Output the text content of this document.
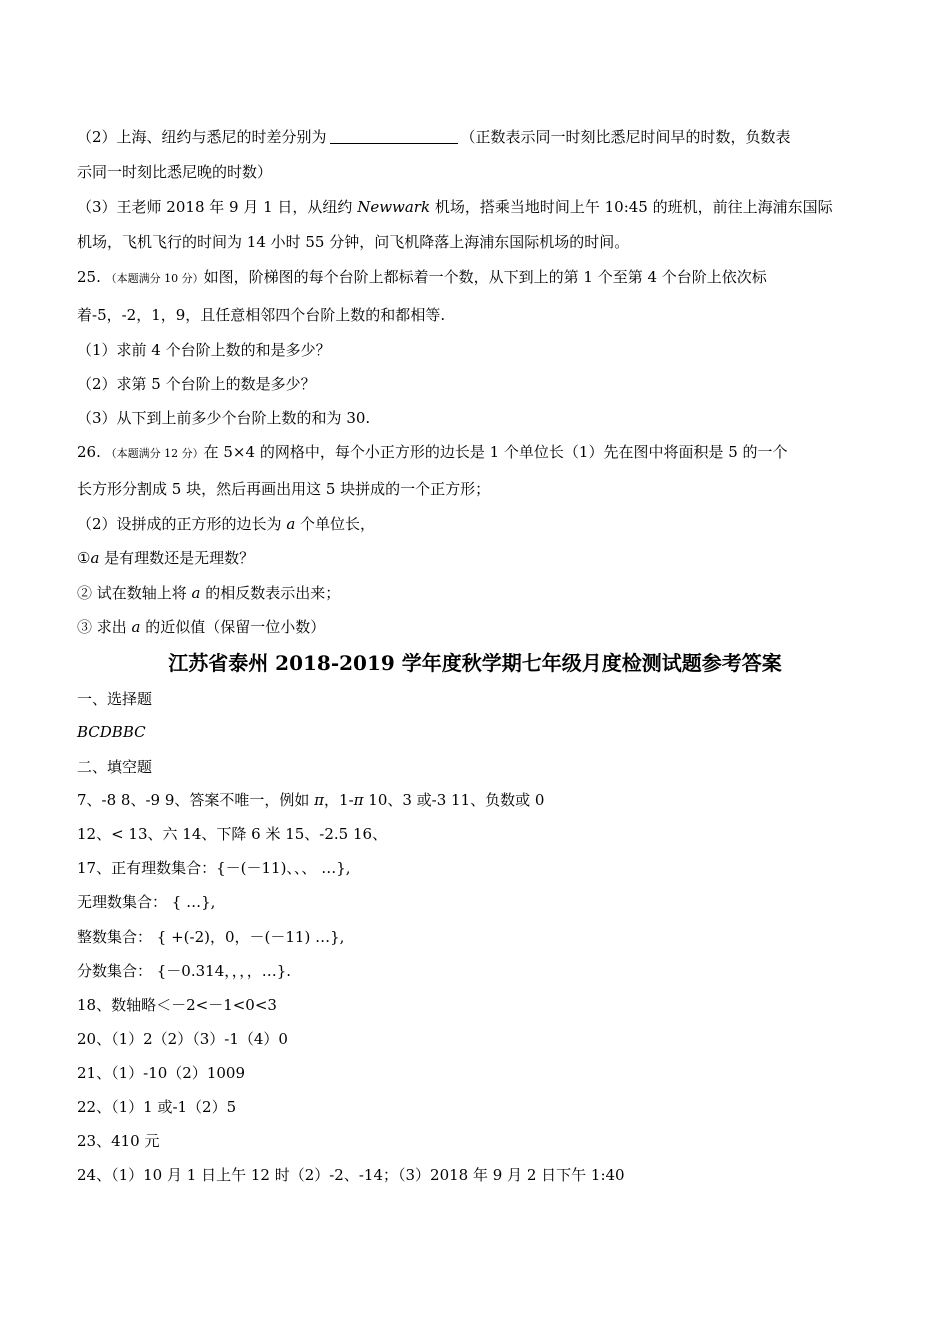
（2）上海、纽约与悉尼的时差分别为	（正数表示同一时刻比悉尼时间早的时数，负数表
示同一时刻比悉尼晚的时数）
（3）王老师 2018 年 9 月 1 日，从纽约 Newwark 机场，搭乘当地时间上午 10:45 的班机，前往上海浦东国际
机场，飞机飞行的时间为 14 小时 55 分钟，问飞机降落上海浦东国际机场的时间。
25. （本题满分 10 分）如图，阶梯图的每个台阶上都标着一个数，从下到上的第 1 个至第 4 个台阶上依次标
着-5，-2，1，9，且任意相邻四个台阶上数的和都相等.
（1）求前 4 个台阶上数的和是多少？
（2）求第 5 个台阶上的数是多少？
（3）从下到上前多少个台阶上数的和为 30.
26. （本题满分 12 分）在 5×4 的网格中，每个小正方形的边长是 1 个单位长（1）先在图中将面积是 5 的一个
长方形分割成 5 块，然后再画出用这 5 块拼成的一个正方形；
（2）设拼成的正方形的边长为 a 个单位长，
①a 是有理数还是无理数？
② 试在数轴上将 a 的相反数表示出来；
③ 求出 a 的近似值（保留一位小数）
江苏省泰州 2018-2019 学年度秋学期七年级月度检测试题参考答案
一、选择题
BCDBBC
二、填空题
7、-8 8、-9 9、答案不唯一，例如 π，1-π 10、3 或-3 11、负数或 0
12、< 13、六 14、下降 6 米 15、-2.5 16、
17、正有理数集合：{－(－11)、、、 …},
无理数集合： { …},
整数集合： { +(-2)，0，－(－11) …},
分数集合： {－0.314，，，，…}.
18、数轴略＜－2<－1<0<3
20、（1）2（2）（3）-1（4）0
21、（1）-10（2）1009
22、（1）1 或-1（2）5
23、410 元
24、（1）10 月 1 日上午 12 时（2）-2、-14；（3）2018 年 9 月 2 日下午 1:40
